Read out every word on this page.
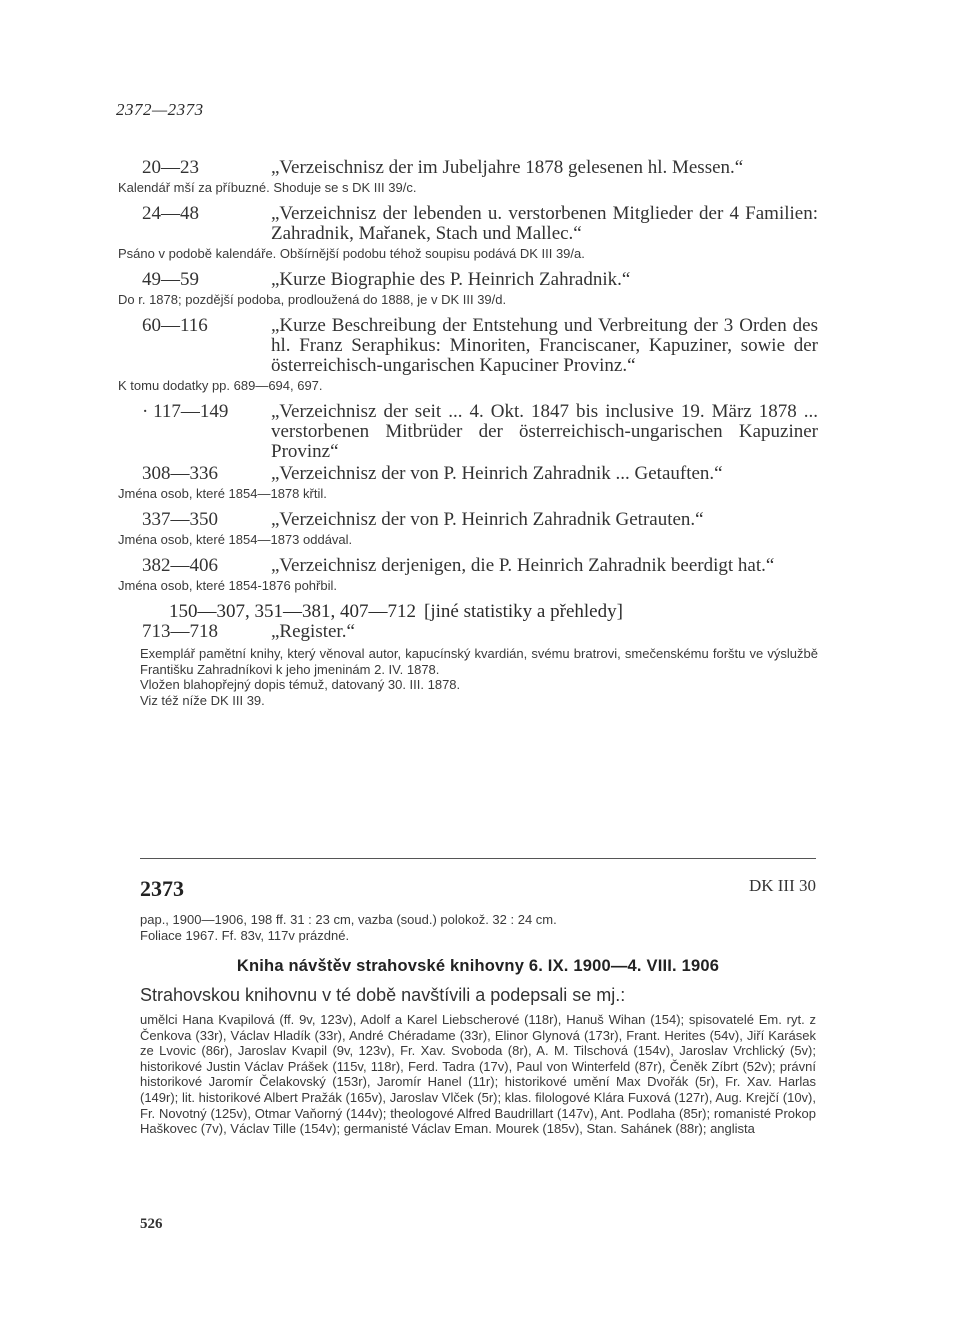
2372—2373
20—23	„Verzeischnisz der im Jubeljahre 1878 gelesenen hl. Messen.“
Kalendář mší za příbuzné. Shoduje se s DK III 39/c.
24—48	„Verzeichnisz der lebenden u. verstorbenen Mitglieder der 4 Familien: Zahradnik, Mařanek, Stach und Mallec.“
Psáno v podobě kalendáře. Obšírnější podobu téhož soupisu podává DK III 39/a.
49—59	„Kurze Biographie des P. Heinrich Zahradnik.“
Do r. 1878; pozdější podoba, prodloužená do 1888, je v DK III 39/d.
60—116	„Kurze Beschreibung der Entstehung und Verbreitung der 3 Orden des hl. Franz Seraphikus: Minoriten, Franciscaner, Kapuziner, sowie der österreichisch-ungarischen Kapuciner Provinz.“
K tomu dodatky pp. 689—694, 697.
· 117—149	„Verzeichnisz der seit ... 4. Okt. 1847 bis inclusive 19. März 1878 ... verstorbenen Mitbrüder der österreichisch-ungarischen Kapuziner Provinz“
308—336	„Verzeichnisz der von P. Heinrich Zahradnik ... Getauften.“
Jména osob, které 1854—1878 křtil.
337—350	„Verzeichnisz der von P. Heinrich Zahradnik Getrauten.“
Jména osob, které 1854—1873 oddával.
382—406	„Verzeichnisz derjenigen, die P. Heinrich Zahradnik beerdigt hat.“
Jména osob, které 1854-1876 pohřbil.
150—307, 351—381, 407—712 [jiné statistiky a přehledy]
713—718	„Register.“

Exemplář pamětní knihy, který věnoval autor, kapucínský kvardián, svému bratrovi, smečenskému forštu ve výslužbě Františku Zahradníkovi k jeho jmeninám 2. IV. 1878.

Vložen blahopřejný dopis témuž, datovaný 30. III. 1878.

Viz též níže DK III 39.

2373	DK III 30
pap., 1900—1906, 198 ff. 31 : 23 cm, vazba (soud.) polokož. 32 : 24 cm.
Foliace 1967. Ff. 83v, 117v prázdné.
Kniha návštěv strahovské knihovny 6. IX. 1900—4. VIII. 1906
Strahovskou knihovnu v té době navštívili a podepsali se mj.:
umělci Hana Kvapilová (ff. 9v, 123v), Adolf a Karel Liebscherové (118r), Hanuš Wihan (154); spisovatelé Em. ryt. z Čenkova (33r), Václav Hladík (33r), André Chéradame (33r), Elinor Glynová (173r), Frant. Herites (54v), Jiří Karásek ze Lvovic (86r), Jaroslav Kvapil (9v, 123v), Fr. Xav. Svoboda (8r), A. M. Tilschová (154v), Jaroslav Vrchlický (5v); historikové Justin Václav Prášek (115v, 118r), Ferd. Tadra (17v), Paul von Winterfeld (87r), Čeněk Zíbrt (52v); právní historikové Jaromír Čelakovský (153r), Jaromír Hanel (11r); historikové umění Max Dvořák (5r), Fr. Xav. Harlas (149r); lit. historikové Albert Pražák (165v), Jaroslav Vlček (5r); klas. filologové Klára Fuxová (127r), Aug. Krejčí (10v), Fr. Novotný (125v), Otmar Vaňorný (144v); theologové Alfred Baudrillart (147v), Ant. Podlaha (85r); romanisté Prokop Haškovec (7v), Václav Tille (154v); germanisté Václav Eman. Mourek (185v), Stan. Sahánek (88r); anglista
526
